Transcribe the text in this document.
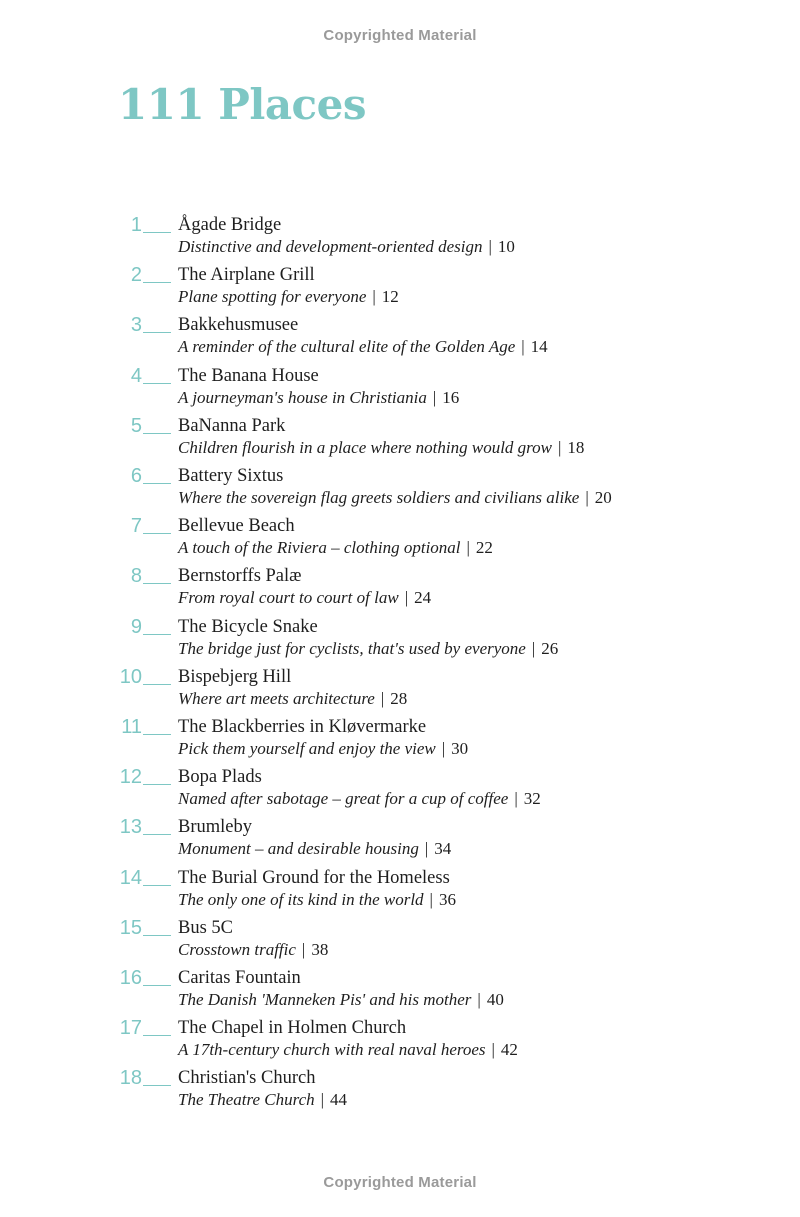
Copyrighted Material
111 Places
1 Ågade Bridge
Distinctive and development-oriented design | 10
2 The Airplane Grill
Plane spotting for everyone | 12
3 Bakkehusmusee
A reminder of the cultural elite of the Golden Age | 14
4 The Banana House
A journeyman's house in Christiania | 16
5 BaNanna Park
Children flourish in a place where nothing would grow | 18
6 Battery Sixtus
Where the sovereign flag greets soldiers and civilians alike | 20
7 Bellevue Beach
A touch of the Riviera – clothing optional | 22
8 Bernstorffs Palæ
From royal court to court of law | 24
9 The Bicycle Snake
The bridge just for cyclists, that's used by everyone | 26
10 Bispebjerg Hill
Where art meets architecture | 28
11 The Blackberries in Kløvermarke
Pick them yourself and enjoy the view | 30
12 Bopa Plads
Named after sabotage – great for a cup of coffee | 32
13 Brumleby
Monument – and desirable housing | 34
14 The Burial Ground for the Homeless
The only one of its kind in the world | 36
15 Bus 5C
Crosstown traffic | 38
16 Caritas Fountain
The Danish 'Manneken Pis' and his mother | 40
17 The Chapel in Holmen Church
A 17th-century church with real naval heroes | 42
18 Christian's Church
The Theatre Church | 44
Copyrighted Material
